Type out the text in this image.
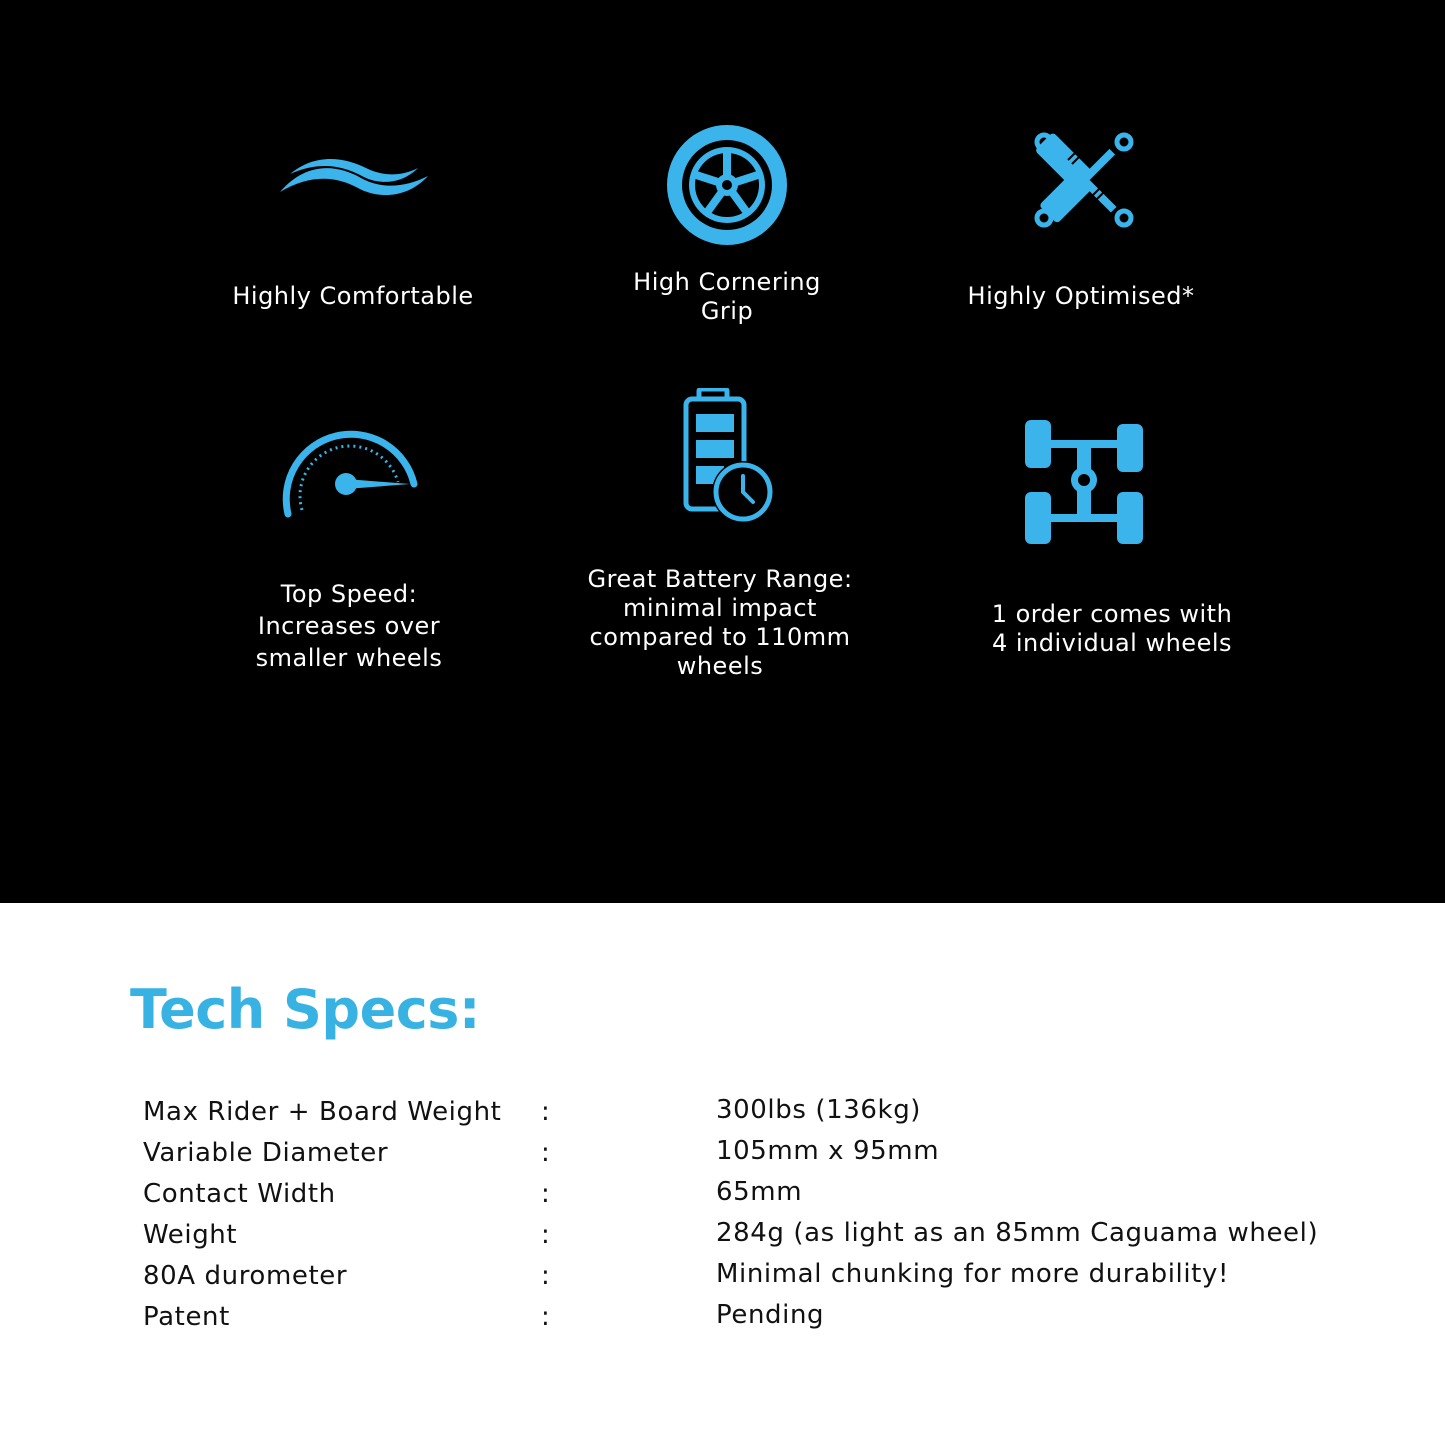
Highly Comfortable	High Cornering
Grip
Highly Optimised*
Top Speed:
Increases over
smaller wheels
Great Battery Range:
minimal impact
compared to 110mm
wheels
1 order comes with
4 individual wheels
Tech Specs:
Max Rider + Board Weight :	300lbs (136kg)
Variable Diameter	:	105mm x 95mm
Contact Width	:	65mm
Weight	:	284g (as light as an 85mm Caguama wheel)
80A durometer	:	Minimal chunking for more durability!
Patent	:	Pending
